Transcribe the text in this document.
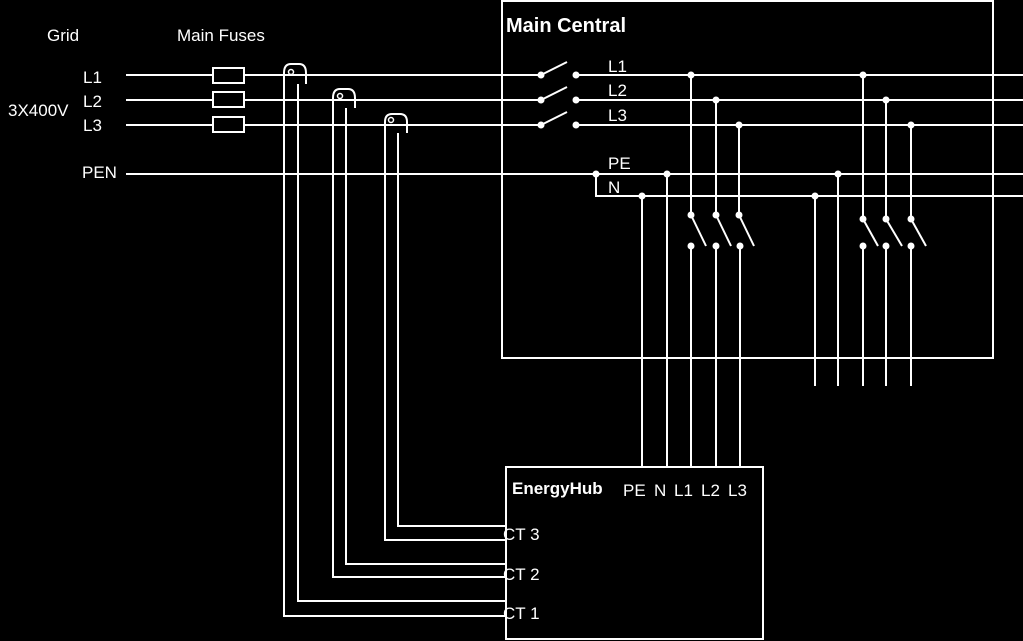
Grid	Main Fuses
3X400V
L1
L2
L3
PEN
Main Central
L1
L2
L3
PE
N
EnergyHub PE N L1 L2 L3
CT 3
CT 2
CT 1
